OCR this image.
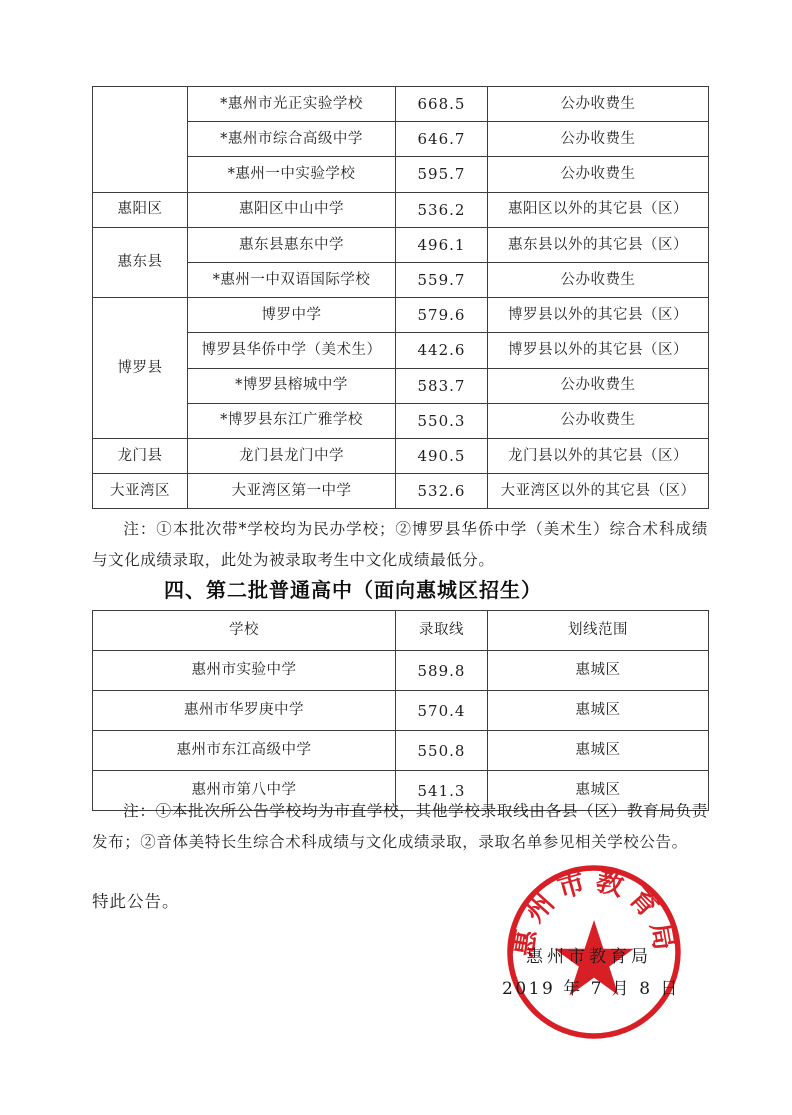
	*惠州市光正实验学校	668.5	公办收费生
	*惠州市综合高级中学	646.7	公办收费生
	*惠州一中实验学校	595.7	公办收费生
惠阳区	惠阳区中山中学	536.2	惠阳区以外的其它县（区）
惠东县	惠东县惠东中学	496.1	惠东县以外的其它县（区）
	*惠州一中双语国际学校	559.7	公办收费生
博罗县	博罗中学	579.6	博罗县以外的其它县（区）
	博罗县华侨中学（美术生）	442.6	博罗县以外的其它县（区）
	*博罗县榕城中学	583.7	公办收费生
	*博罗县东江广雅学校	550.3	公办收费生
龙门县	龙门县龙门中学	490.5	龙门县以外的其它县（区）
大亚湾区	大亚湾区第一中学	532.6	大亚湾区以外的其它县（区）
注：①本批次带*学校均为民办学校；②博罗县华侨中学（美术生）综合术科成绩与文化成绩录取，此处为被录取考生中文化成绩最低分。
四、第二批普通高中（面向惠城区招生）
学校	录取线	划线范围
惠州市实验中学	589.8	惠城区
惠州市华罗庚中学	570.4	惠城区
惠州市东江高级中学	550.8	惠城区
惠州市第八中学	541.3	惠城区
注：①本批次所公告学校均为市直学校，其他学校录取线由各县（区）教育局负责发布；②音体美特长生综合术科成绩与文化成绩录取，录取名单参见相关学校公告。
特此公告。
惠州市教育局
惠州市教育局
2019 年 7 月 8 日
